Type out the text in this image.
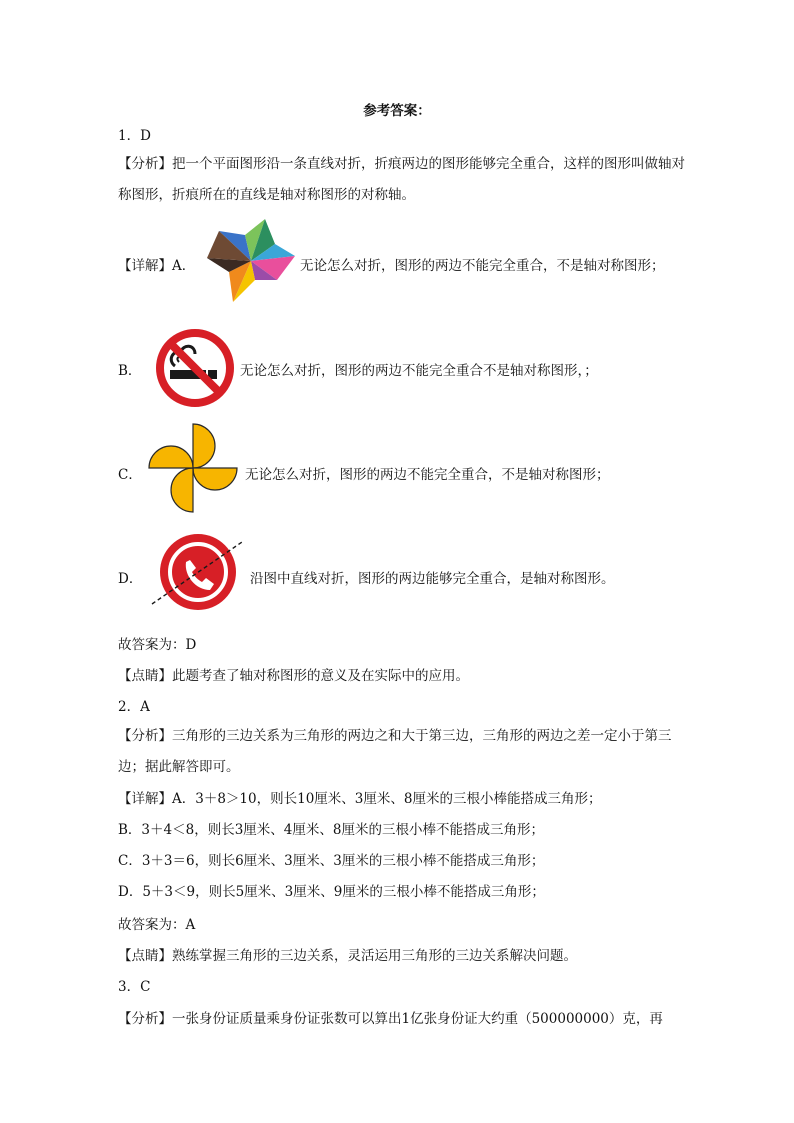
参考答案：
1．D
【分析】把一个平面图形沿一条直线对折，折痕两边的图形能够完全重合，这样的图形叫做轴对称图形，折痕所在的直线是轴对称图形的对称轴。
【详解】A．	无论怎么对折，图形的两边不能完全重合，不是轴对称图形；
B．	无论怎么对折，图形的两边不能完全重合不是轴对称图形，；
C．	无论怎么对折，图形的两边不能完全重合，不是轴对称图形；
D．	沿图中直线对折，图形的两边能够完全重合，是轴对称图形。
故答案为：D
【点睛】此题考查了轴对称图形的意义及在实际中的应用。
2．A
【分析】三角形的三边关系为三角形的两边之和大于第三边，三角形的两边之差一定小于第三边；据此解答即可。
【详解】A．3＋8＞10，则长10厘米、3厘米、8厘米的三根小棒能搭成三角形；
B．3＋4＜8，则长3厘米、4厘米、8厘米的三根小棒不能搭成三角形；
C．3＋3＝6，则长6厘米、3厘米、3厘米的三根小棒不能搭成三角形；
D．5＋3＜9，则长5厘米、3厘米、9厘米的三根小棒不能搭成三角形；
故答案为：A
【点睛】熟练掌握三角形的三边关系，灵活运用三角形的三边关系解决问题。
3．C
【分析】一张身份证质量乘身份证张数可以算出1亿张身份证大约重（500000000）克，再
